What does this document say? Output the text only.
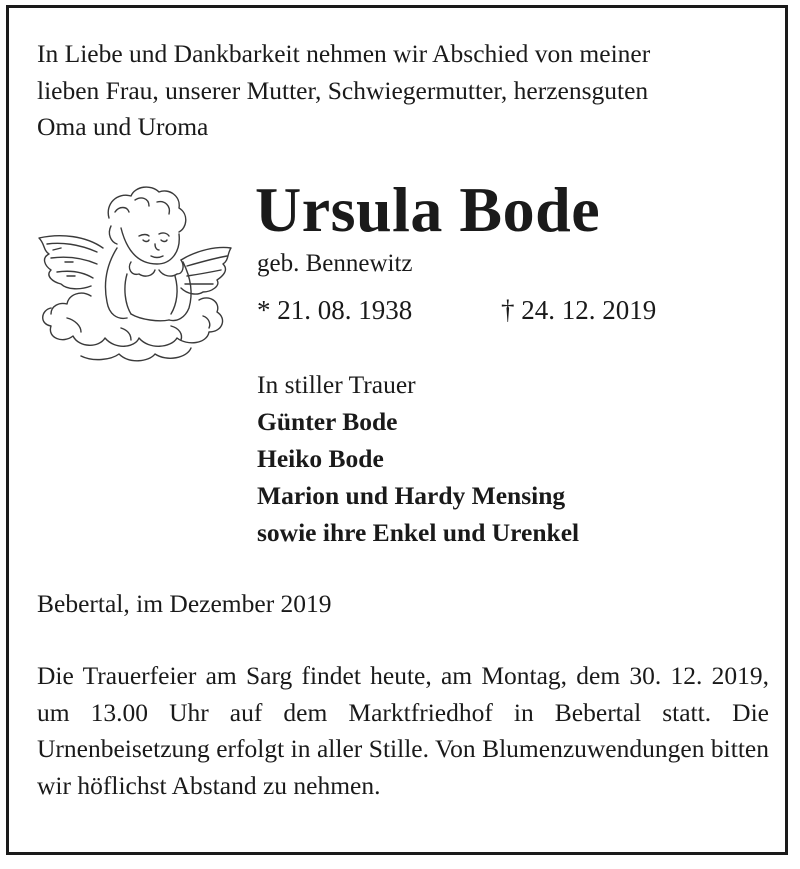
In Liebe und Dankbarkeit nehmen wir Abschied von meiner
lieben Frau, unserer Mutter, Schwiegermutter, herzensguten
Oma und Uroma
Ursula Bode
geb. Bennewitz
* 21. 08. 1938	† 24. 12. 2019
In stiller Trauer
Günter Bode
Heiko Bode
Marion und Hardy Mensing
sowie ihre Enkel und Urenkel
Bebertal, im Dezember 2019
Die Trauerfeier am Sarg findet heute, am Montag, dem 30. 12. 2019, um 13.00 Uhr auf dem Marktfriedhof in Bebertal statt. Die Urnenbeisetzung erfolgt in aller Stille. Von Blumenzuwendungen bitten wir höflichst Abstand zu nehmen.
